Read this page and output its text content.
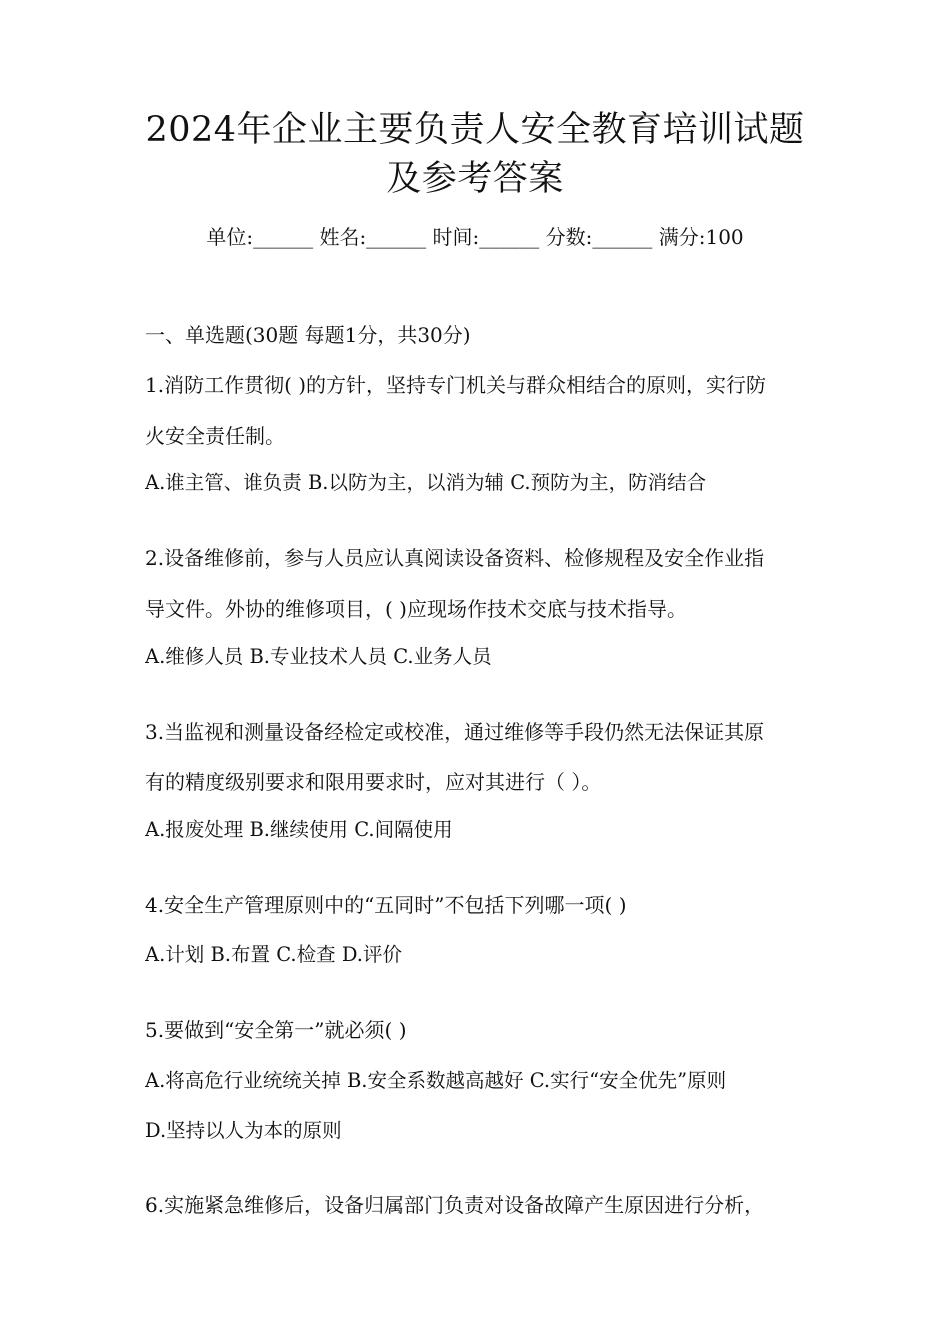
2024年企业主要负责人安全教育培训试题
及参考答案
单位:______ 姓名:______ 时间:______ 分数:______ 满分:100
一、单选题(30题 每题1分，共30分)
1.消防工作贯彻( )的方针，坚持专门机关与群众相结合的原则，实行防
火安全责任制。
A.谁主管、谁负责 B.以防为主，以消为辅 C.预防为主，防消结合
2.设备维修前，参与人员应认真阅读设备资料、检修规程及安全作业指
导文件。外协的维修项目，( )应现场作技术交底与技术指导。
A.维修人员 B.专业技术人员 C.业务人员
3.当监视和测量设备经检定或校准，通过维修等手段仍然无法保证其原
有的精度级别要求和限用要求时，应对其进行（ ）。
A.报废处理 B.继续使用 C.间隔使用
4.安全生产管理原则中的“五同时”不包括下列哪一项( )
A.计划 B.布置 C.检查 D.评价
5.要做到“安全第一”就必须( )
A.将高危行业统统关掉 B.安全系数越高越好 C.实行“安全优先”原则
D.坚持以人为本的原则
6.实施紧急维修后，设备归属部门负责对设备故障产生原因进行分析，
